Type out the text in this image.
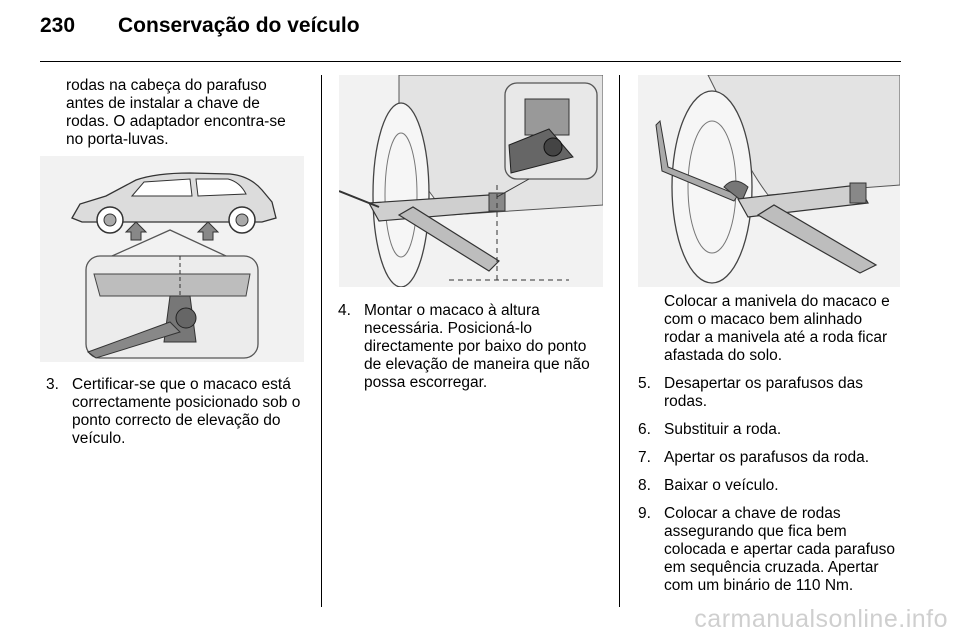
230 Conservação do veículo

rodas na cabeça do parafuso antes de instalar a chave de rodas. O adaptador encontra-se no porta-luvas.

3. Certificar-se que o macaco está correctamente posicionado sob o ponto correcto de elevação do veículo.
4. Montar o macaco à altura necessária. Posicioná-lo directamente por baixo do ponto de elevação de maneira que não possa escorregar.

Colocar a manivela do macaco e com o macaco bem alinhado rodar a manivela até a roda ficar afastada do solo.

5. Desapertar os parafusos das rodas.
6. Substituir a roda.
7. Apertar os parafusos da roda.
8. Baixar o veículo.
9. Colocar a chave de rodas assegurando que fica bem colocada e apertar cada parafuso em sequência cruzada. Apertar com um binário de 110 Nm.
carmanualsonline.info
